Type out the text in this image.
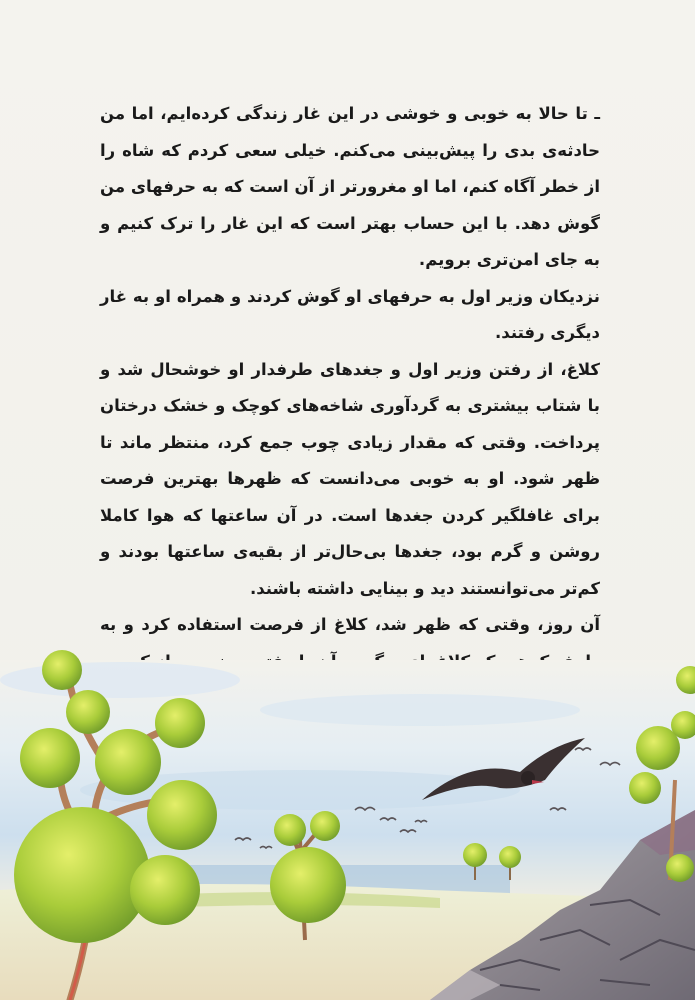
ـ تا حالا به خوبی و خوشی در این غار زندگی کرده‌ایم، اما من حادثه‌ی بدی را پیش‌بینی می‌کنم. خیلی سعی کردم که شاه را از خطر آگاه کنم، اما او مغرورتر از آن است که به حرفهای من گوش دهد. با این حساب بهتر است که این غار را ترک کنیم و به جای امن‌تری برویم.

نزدیکان وزیر اول به حرفهای او گوش کردند و همراه او به غار دیگری رفتند.

کلاغ، از رفتن وزیر اول و جغدهای طرفدار او خوشحال شد و با شتاب بیشتری به گردآوری شاخه‌های کوچک و خشک درختان پرداخت. وقتی که مقدار زیادی چوب جمع کرد، منتظر ماند تا ظهر شود. او به خوبی می‌دانست که ظهرها بهترین فرصت برای غافلگیر کردن جغدها است. در آن ساعتها که هوا کاملا روشن و گرم بود، جغدها بی‌حال‌تر از بقیه‌ی ساعتها بودند و کم‌تر می‌توانستند دید و بینایی داشته باشند.

آن روز، وقتی که ظهر شد، کلاغ از فرصت استفاده کرد و به
